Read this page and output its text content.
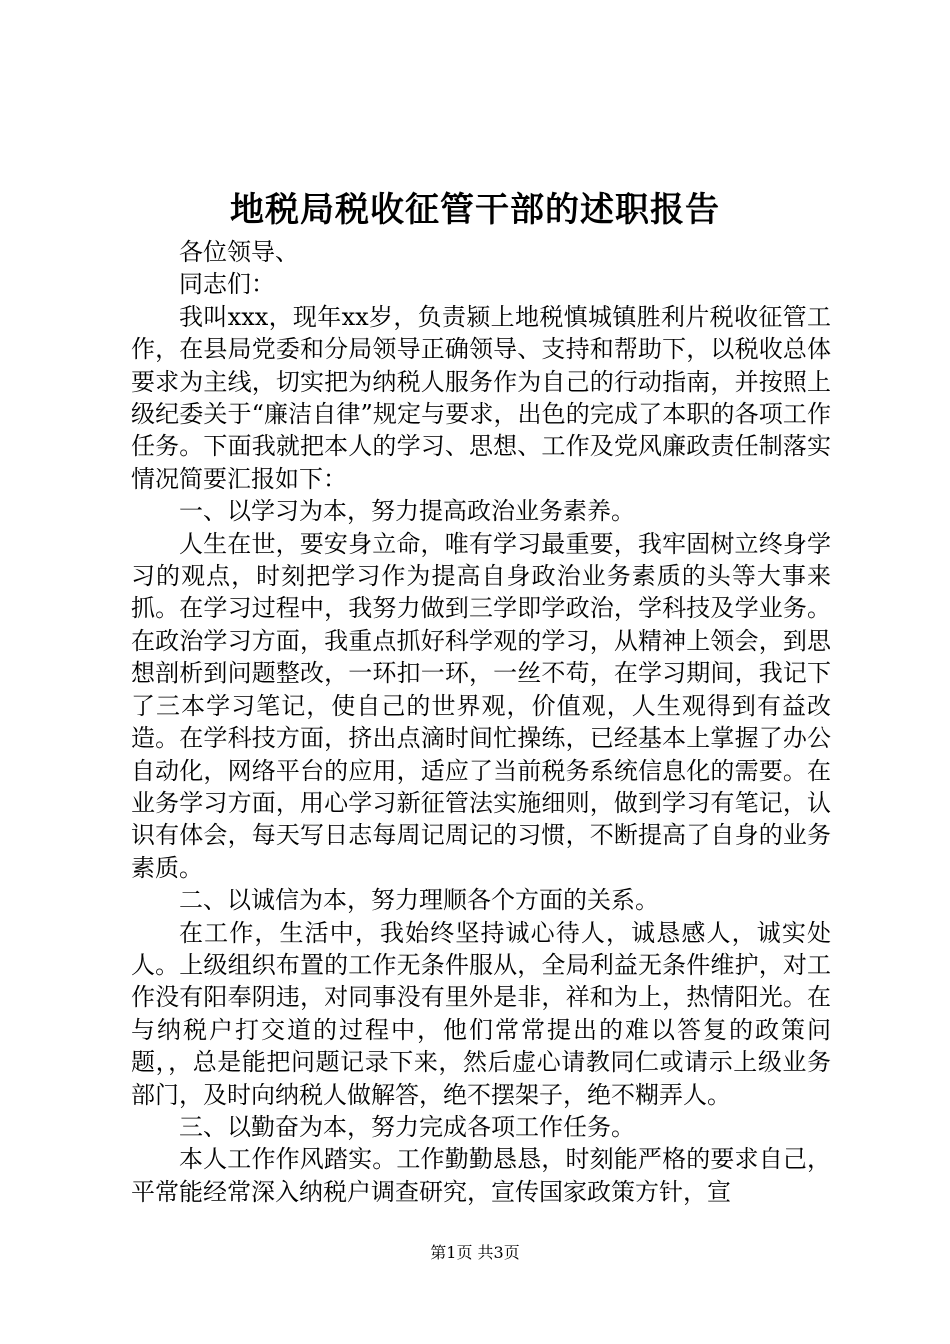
地税局税收征管干部的述职报告

各位领导、

同志们：

我叫xxx，现年xx岁，负责颍上地税慎城镇胜利片税收征管工作，在县局党委和分局领导正确领导、支持和帮助下，以税收总体要求为主线，切实把为纳税人服务作为自己的行动指南，并按照上级纪委关于“廉洁自律”规定与要求，出色的完成了本职的各项工作任务。下面我就把本人的学习、思想、工作及党风廉政责任制落实情况简要汇报如下：

一、以学习为本，努力提高政治业务素养。

人生在世，要安身立命，唯有学习最重要，我牢固树立终身学习的观点，时刻把学习作为提高自身政治业务素质的头等大事来抓。在学习过程中，我努力做到三学即学政治，学科技及学业务。在政治学习方面，我重点抓好科学观的学习，从精神上领会，到思想剖析到问题整改，一环扣一环，一丝不苟，在学习期间，我记下了三本学习笔记，使自己的世界观，价值观，人生观得到有益改造。在学科技方面，挤出点滴时间忙操练，已经基本上掌握了办公自动化，网络平台的应用，适应了当前税务系统信息化的需要。在业务学习方面，用心学习新征管法实施细则，做到学习有笔记，认识有体会，每天写日志每周记周记的习惯，不断提高了自身的业务素质。

二、以诚信为本，努力理顺各个方面的关系。

在工作，生活中，我始终坚持诚心待人，诚恳感人，诚实处人。上级组织布置的工作无条件服从，全局利益无条件维护，对工作没有阳奉阴违，对同事没有里外是非，祥和为上，热情阳光。在与纳税户打交道的过程中，他们常常提出的难以答复的政策问题，，总是能把问题记录下来，然后虚心请教同仁或请示上级业务部门，及时向纳税人做解答，绝不摆架子，绝不糊弄人。

三、以勤奋为本，努力完成各项工作任务。

本人工作作风踏实。工作勤勤恳恳，时刻能严格的要求自己，平常能经常深入纳税户调查研究，宣传国家政策方针，宣

第1页 共3页
